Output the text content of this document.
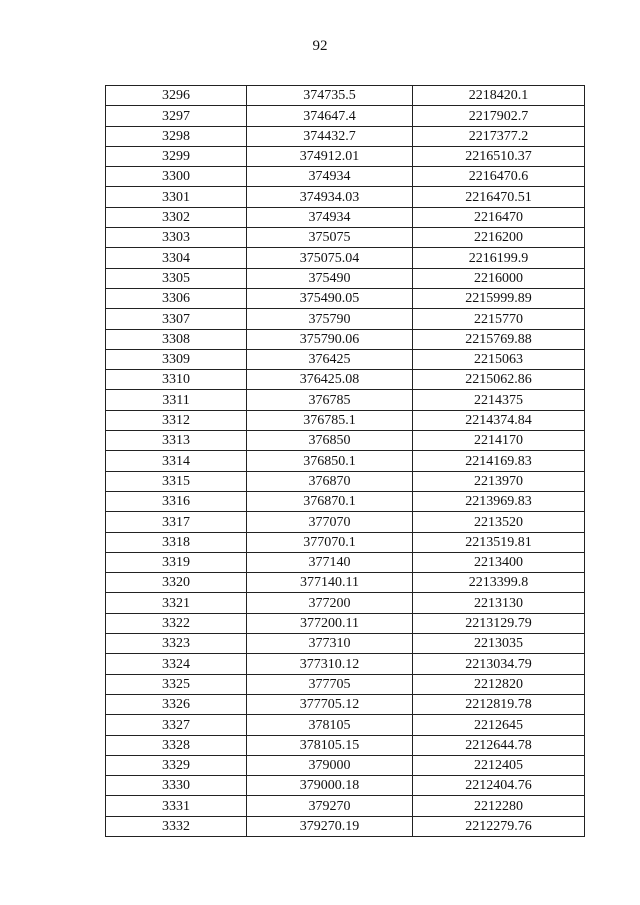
92
3296	374735.5	2218420.1
3297	374647.4	2217902.7
3298	374432.7	2217377.2
3299	374912.01	2216510.37
3300	374934	2216470.6
3301	374934.03	2216470.51
3302	374934	2216470
3303	375075	2216200
3304	375075.04	2216199.9
3305	375490	2216000
3306	375490.05	2215999.89
3307	375790	2215770
3308	375790.06	2215769.88
3309	376425	2215063
3310	376425.08	2215062.86
3311	376785	2214375
3312	376785.1	2214374.84
3313	376850	2214170
3314	376850.1	2214169.83
3315	376870	2213970
3316	376870.1	2213969.83
3317	377070	2213520
3318	377070.1	2213519.81
3319	377140	2213400
3320	377140.11	2213399.8
3321	377200	2213130
3322	377200.11	2213129.79
3323	377310	2213035
3324	377310.12	2213034.79
3325	377705	2212820
3326	377705.12	2212819.78
3327	378105	2212645
3328	378105.15	2212644.78
3329	379000	2212405
3330	379000.18	2212404.76
3331	379270	2212280
3332	379270.19	2212279.76
